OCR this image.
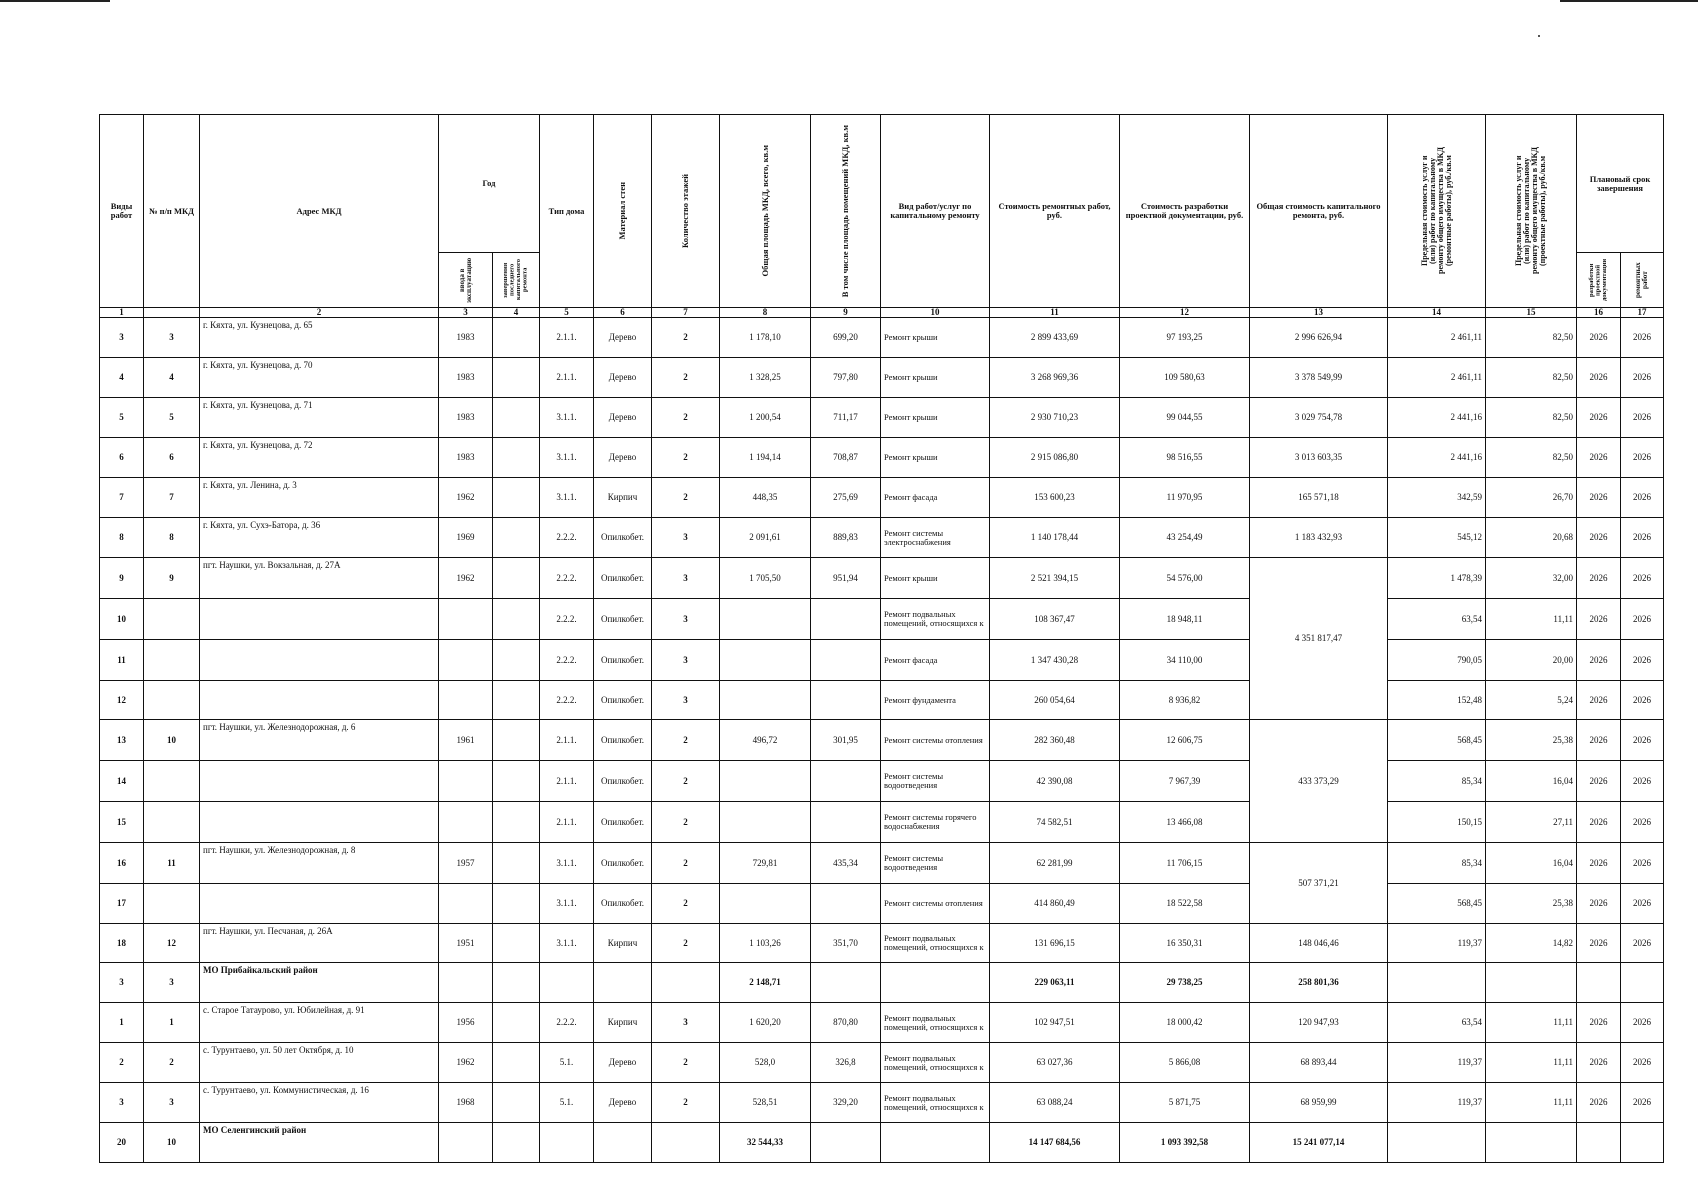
Виды работ	№ п/п МКД	Адрес МКД	Год		Тип дома	Материал стен	Количество этажей	Общая площадь МКД, всего, кв.м	В том числе площадь помещений МКД, кв.м	Вид работ/услуг по капитальному ремонту	Стоимость ремонтных работ, руб.	Стоимость разработки проектной документации, руб.	Общая стоимость капитального ремонта, руб.	Предельная стоимость услуг и (или) работ по капитальному ремонту общего имущества в МКД (ремонтные работы), руб./кв.м	Предельная стоимость услуг и (или) работ по капитальному ремонту общего имущества в МКД (проектные работы), руб./кв.м	Плановый срок завершения	

			ввода в эксплуатацию	завершения последнего капитального ремонта												разработки проектной документации	ремонтных работ

1		2	3	4	5	6	7	8	9	10	11	12	13	14	15	16	17
3	3	г. Кяхта, ул. Кузнецова, д. 65	1983		2.1.1.	Дерево	2	1 178,10	699,20	Ремонт крыши	2 899 433,69	97 193,25	2 996 626,94	2 461,11	82,50	2026	2026
4	4	г. Кяхта, ул. Кузнецова, д. 70	1983		2.1.1.	Дерево	2	1 328,25	797,80	Ремонт крыши	3 268 969,36	109 580,63	3 378 549,99	2 461,11	82,50	2026	2026
5	5	г. Кяхта, ул. Кузнецова, д. 71	1983		3.1.1.	Дерево	2	1 200,54	711,17	Ремонт крыши	2 930 710,23	99 044,55	3 029 754,78	2 441,16	82,50	2026	2026
6	6	г. Кяхта, ул. Кузнецова, д. 72	1983		3.1.1.	Дерево	2	1 194,14	708,87	Ремонт крыши	2 915 086,80	98 516,55	3 013 603,35	2 441,16	82,50	2026	2026
7	7	г. Кяхта, ул. Ленина, д. 3	1962		3.1.1.	Кирпич	2	448,35	275,69	Ремонт фасада	153 600,23	11 970,95	165 571,18	342,59	26,70	2026	2026
8	8	г. Кяхта, ул. Сухэ-Батора, д. 36	1969		2.2.2.	Опилкобет.	3	2 091,61	889,83	Ремонт системы электроснабжения	1 140 178,44	43 254,49	1 183 432,93	545,12	20,68	2026	2026
9	9	пгт. Наушки, ул. Вокзальная, д. 27А	1962		2.2.2.	Опилкобет.	3	1 705,50	951,94	Ремонт крыши	2 521 394,15	54 576,00	4 351 817,47	1 478,39	32,00	2026	2026
10					2.2.2.	Опилкобет.	3			Ремонт подвальных помещений, относящихся к	108 367,47	18 948,11		63,54	11,11	2026	2026
11					2.2.2.	Опилкобет.	3			Ремонт фасада	1 347 430,28	34 110,00		790,05	20,00	2026	2026
12					2.2.2.	Опилкобет.	3			Ремонт фундамента	260 054,64	8 936,82		152,48	5,24	2026	2026
13	10	пгт. Наушки, ул. Железнодорожная, д. 6	1961		2.1.1.	Опилкобет.	2	496,72	301,95	Ремонт системы отопления	282 360,48	12 606,75	433 373,29	568,45	25,38	2026	2026
14					2.1.1.	Опилкобет.	2			Ремонт системы водоотведения	42 390,08	7 967,39		85,34	16,04	2026	2026
15					2.1.1.	Опилкобет.	2			Ремонт системы горячего водоснабжения	74 582,51	13 466,08		150,15	27,11	2026	2026
16	11	пгт. Наушки, ул. Железнодорожная, д. 8	1957		3.1.1.	Опилкобет.	2	729,81	435,34	Ремонт системы водоотведения	62 281,99	11 706,15	507 371,21	85,34	16,04	2026	2026
17					3.1.1.	Опилкобет.	2			Ремонт системы отопления	414 860,49	18 522,58		568,45	25,38	2026	2026
18	12	пгт. Наушки, ул. Песчаная, д. 26А	1951		3.1.1.	Кирпич	2	1 103,26	351,70	Ремонт подвальных помещений, относящихся к	131 696,15	16 350,31	148 046,46	119,37	14,82	2026	2026
3	3	МО Прибайкальский район						2 148,71			229 063,11	29 738,25	258 801,36				
1	1	с. Старое Татаурово, ул. Юбилейная, д. 91	1956		2.2.2.	Кирпич	3	1 620,20	870,80	Ремонт подвальных помещений, относящихся к	102 947,51	18 000,42	120 947,93	63,54	11,11	2026	2026
2	2	с. Турунтаево, ул. 50 лет Октября, д. 10	1962		5.1.	Дерево	2	528,0	326,8	Ремонт подвальных помещений, относящихся к	63 027,36	5 866,08	68 893,44	119,37	11,11	2026	2026
3	3	с. Турунтаево, ул. Коммунистическая, д. 16	1968		5.1.	Дерево	2	528,51	329,20	Ремонт подвальных помещений, относящихся к	63 088,24	5 871,75	68 959,99	119,37	11,11	2026	2026
20	10	МО Селенгинский район						32 544,33			14 147 684,56	1 093 392,58	15 241 077,14				
